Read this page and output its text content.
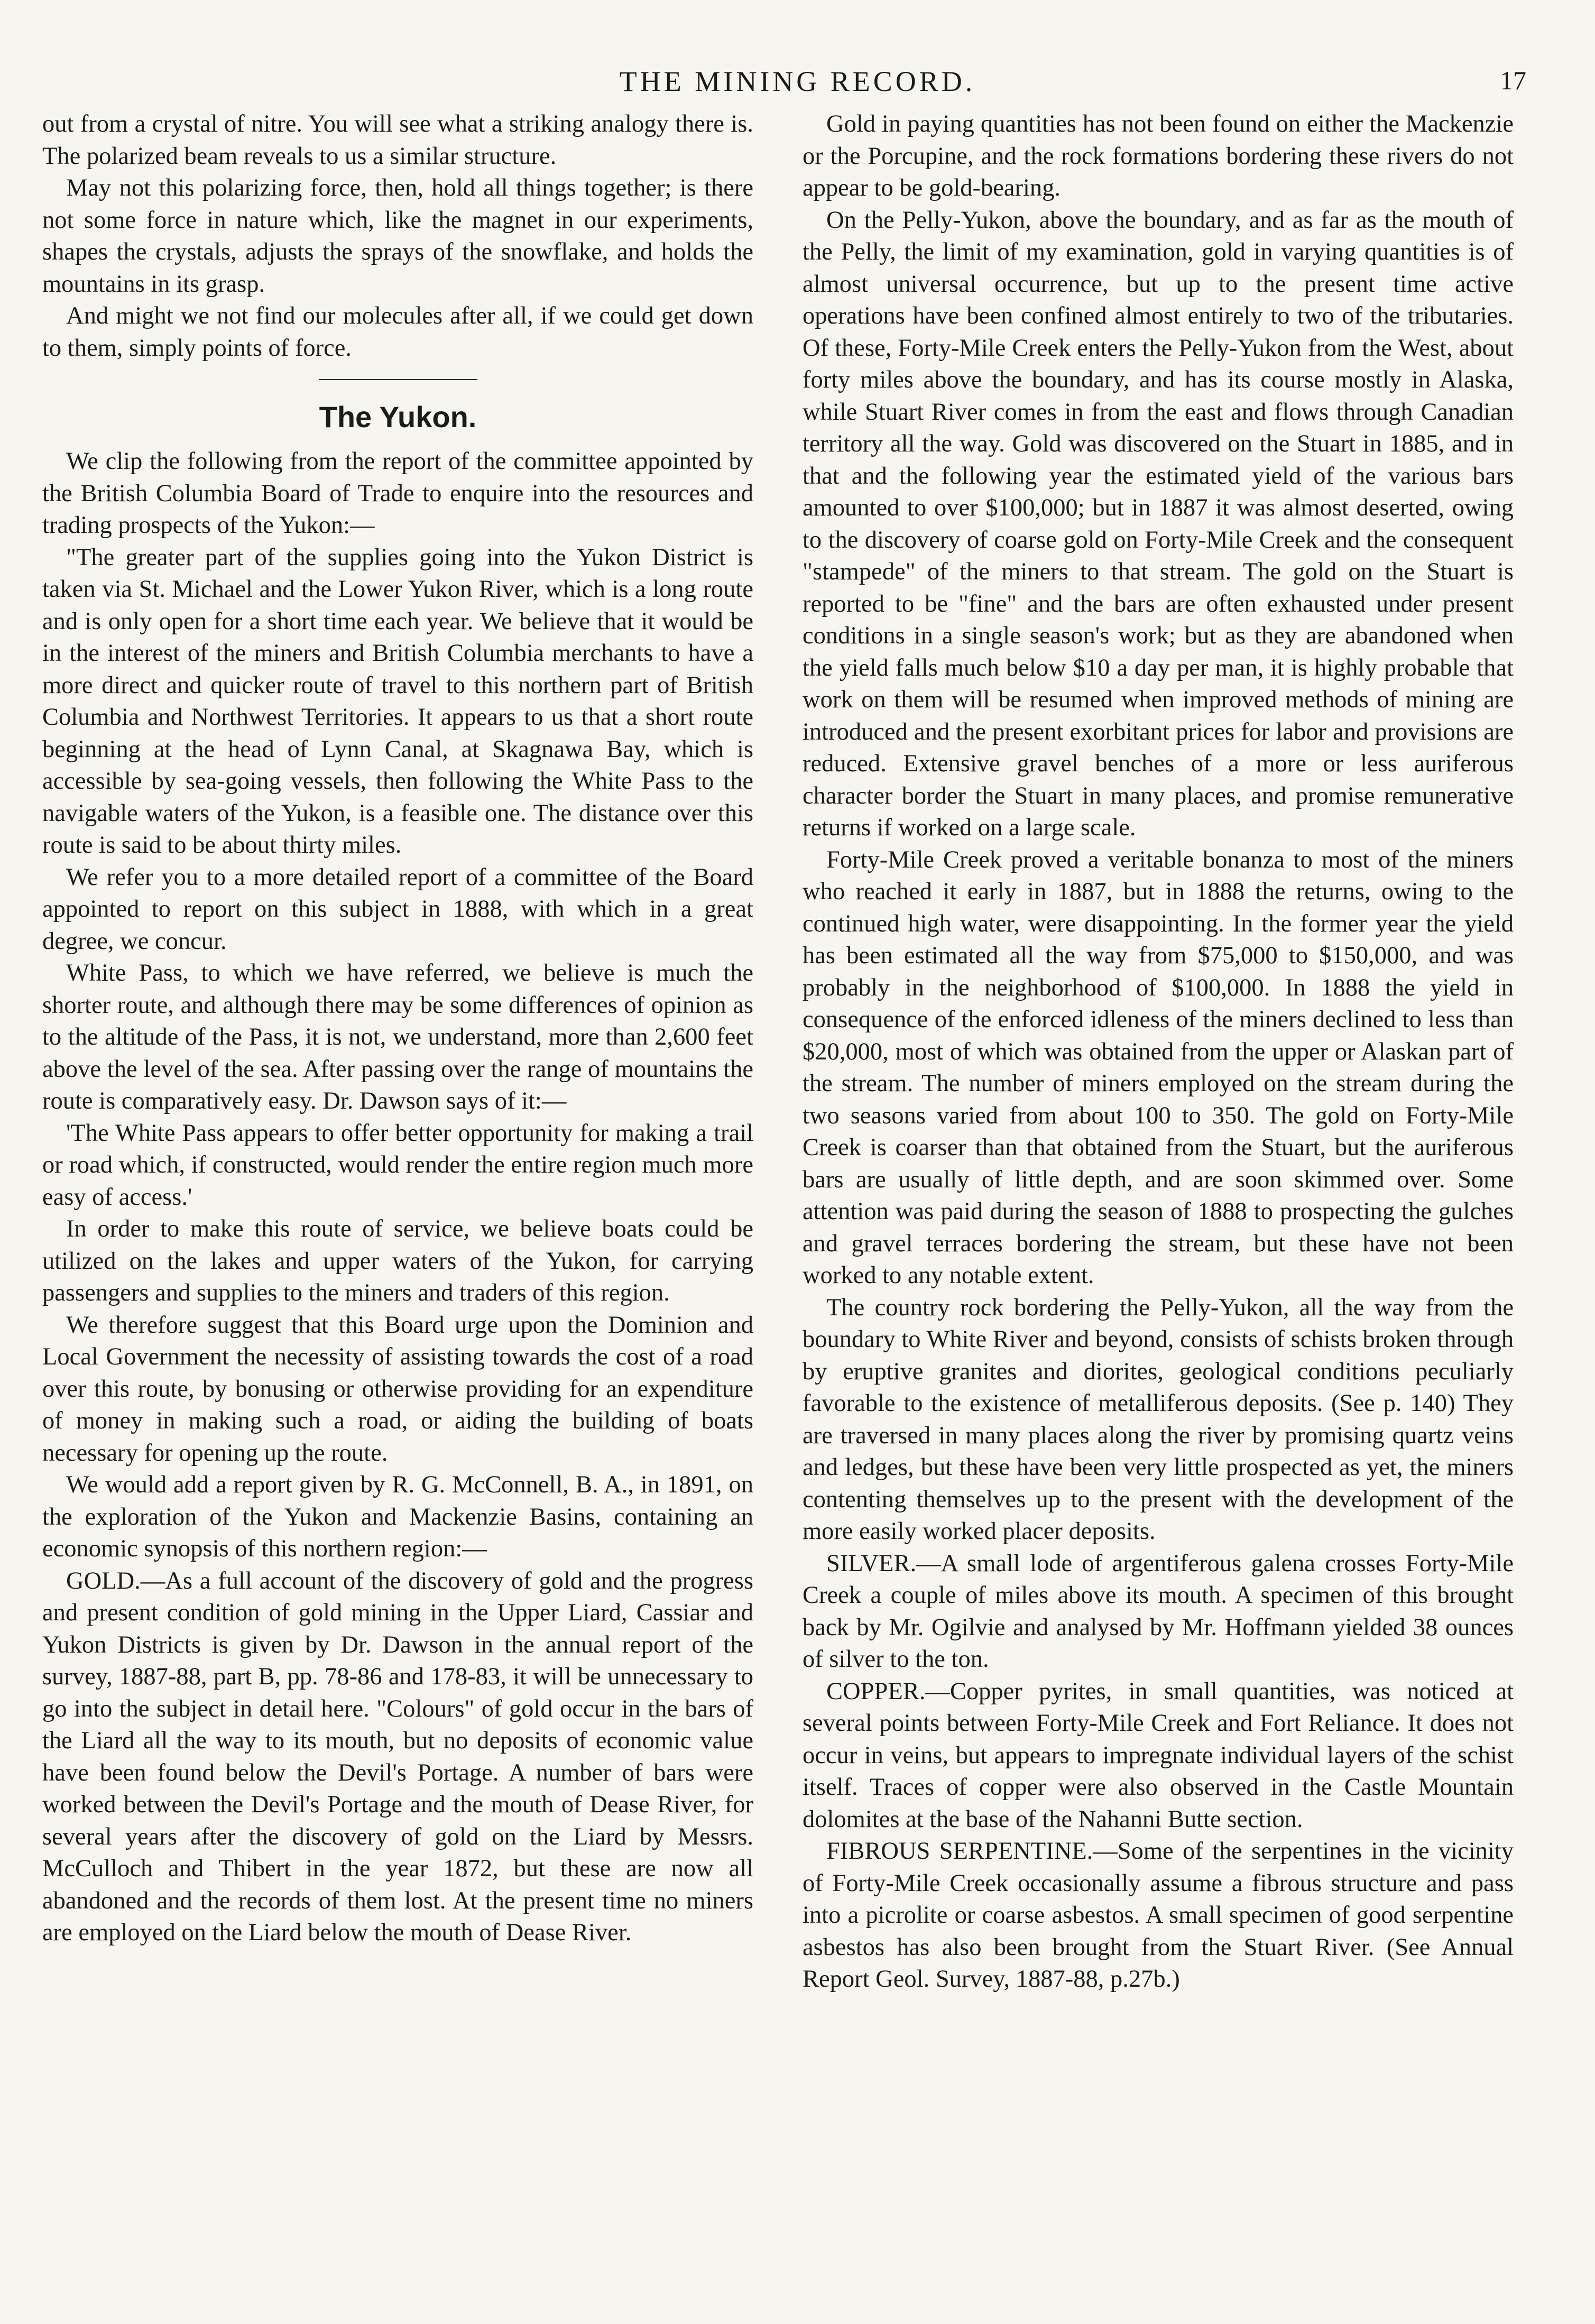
THE MINING RECORD.	17

out from a crystal of nitre. You will see what a striking analogy there is. The polarized beam reveals to us a similar structure.

May not this polarizing force, then, hold all things together; is there not some force in nature which, like the magnet in our experiments, shapes the crystals, adjusts the sprays of the snowflake, and holds the mountains in its grasp.

And might we not find our molecules after all, if we could get down to them, simply points of force.

The Yukon.

We clip the following from the report of the committee appointed by the British Columbia Board of Trade to enquire into the resources and trading prospects of the Yukon:—

"The greater part of the supplies going into the Yukon District is taken via St. Michael and the Lower Yukon River, which is a long route and is only open for a short time each year. We believe that it would be in the interest of the miners and British Columbia merchants to have a more direct and quicker route of travel to this northern part of British Columbia and Northwest Territories. It appears to us that a short route beginning at the head of Lynn Canal, at Skagnawa Bay, which is accessible by sea-going vessels, then following the White Pass to the navigable waters of the Yukon, is a feasible one. The distance over this route is said to be about thirty miles.

We refer you to a more detailed report of a committee of the Board appointed to report on this subject in 1888, with which in a great degree, we concur.

White Pass, to which we have referred, we believe is much the shorter route, and although there may be some differences of opinion as to the altitude of the Pass, it is not, we understand, more than 2,600 feet above the level of the sea. After passing over the range of mountains the route is comparatively easy. Dr. Dawson says of it:—

'The White Pass appears to offer better opportunity for making a trail or road which, if constructed, would render the entire region much more easy of access.'

In order to make this route of service, we believe boats could be utilized on the lakes and upper waters of the Yukon, for carrying passengers and supplies to the miners and traders of this region.

We therefore suggest that this Board urge upon the Dominion and Local Government the necessity of assisting towards the cost of a road over this route, by bonusing or otherwise providing for an expenditure of money in making such a road, or aiding the building of boats necessary for opening up the route.

We would add a report given by R. G. McConnell, B. A., in 1891, on the exploration of the Yukon and Mackenzie Basins, containing an economic synopsis of this northern region:—

GOLD.—As a full account of the discovery of gold and the progress and present condition of gold mining in the Upper Liard, Cassiar and Yukon Districts is given by Dr. Dawson in the annual report of the survey, 1887-88, part B, pp. 78-86 and 178-83, it will be unnecessary to go into the subject in detail here. "Colours" of gold occur in the bars of the Liard all the way to its mouth, but no deposits of economic value have been found below the Devil's Portage. A number of bars were worked between the Devil's Portage and the mouth of Dease River, for several years after the discovery of gold on the Liard by Messrs. McCulloch and Thibert in the year 1872, but these are now all abandoned and the records of them lost. At the present time no miners are employed on the Liard below the mouth of Dease River.

Gold in paying quantities has not been found on either the Mackenzie or the Porcupine, and the rock formations bordering these rivers do not appear to be gold-bearing.

On the Pelly-Yukon, above the boundary, and as far as the mouth of the Pelly, the limit of my examination, gold in varying quantities is of almost universal occurrence, but up to the present time active operations have been confined almost entirely to two of the tributaries. Of these, Forty-Mile Creek enters the Pelly-Yukon from the West, about forty miles above the boundary, and has its course mostly in Alaska, while Stuart River comes in from the east and flows through Canadian territory all the way. Gold was discovered on the Stuart in 1885, and in that and the following year the estimated yield of the various bars amounted to over $100,000; but in 1887 it was almost deserted, owing to the discovery of coarse gold on Forty-Mile Creek and the consequent "stampede" of the miners to that stream. The gold on the Stuart is reported to be "fine" and the bars are often exhausted under present conditions in a single season's work; but as they are abandoned when the yield falls much below $10 a day per man, it is highly probable that work on them will be resumed when improved methods of mining are introduced and the present exorbitant prices for labor and provisions are reduced. Extensive gravel benches of a more or less auriferous character border the Stuart in many places, and promise remunerative returns if worked on a large scale.

Forty-Mile Creek proved a veritable bonanza to most of the miners who reached it early in 1887, but in 1888 the returns, owing to the continued high water, were disappointing. In the former year the yield has been estimated all the way from $75,000 to $150,000, and was probably in the neighborhood of $100,000. In 1888 the yield in consequence of the enforced idleness of the miners declined to less than $20,000, most of which was obtained from the upper or Alaskan part of the stream. The number of miners employed on the stream during the two seasons varied from about 100 to 350. The gold on Forty-Mile Creek is coarser than that obtained from the Stuart, but the auriferous bars are usually of little depth, and are soon skimmed over. Some attention was paid during the season of 1888 to prospecting the gulches and gravel terraces bordering the stream, but these have not been worked to any notable extent.

The country rock bordering the Pelly-Yukon, all the way from the boundary to White River and beyond, consists of schists broken through by eruptive granites and diorites, geological conditions peculiarly favorable to the existence of metalliferous deposits. (See p. 140) They are traversed in many places along the river by promising quartz veins and ledges, but these have been very little prospected as yet, the miners contenting themselves up to the present with the development of the more easily worked placer deposits.

SILVER.—A small lode of argentiferous galena crosses Forty-Mile Creek a couple of miles above its mouth. A specimen of this brought back by Mr. Ogilvie and analysed by Mr. Hoffmann yielded 38 ounces of silver to the ton.

COPPER.—Copper pyrites, in small quantities, was noticed at several points between Forty-Mile Creek and Fort Reliance. It does not occur in veins, but appears to impregnate individual layers of the schist itself. Traces of copper were also observed in the Castle Mountain dolomites at the base of the Nahanni Butte section.

FIBROUS SERPENTINE.—Some of the serpentines in the vicinity of Forty-Mile Creek occasionally assume a fibrous structure and pass into a picrolite or coarse asbestos. A small specimen of good serpentine asbestos has also been brought from the Stuart River. (See Annual Report Geol. Survey, 1887-88, p.27b.)
